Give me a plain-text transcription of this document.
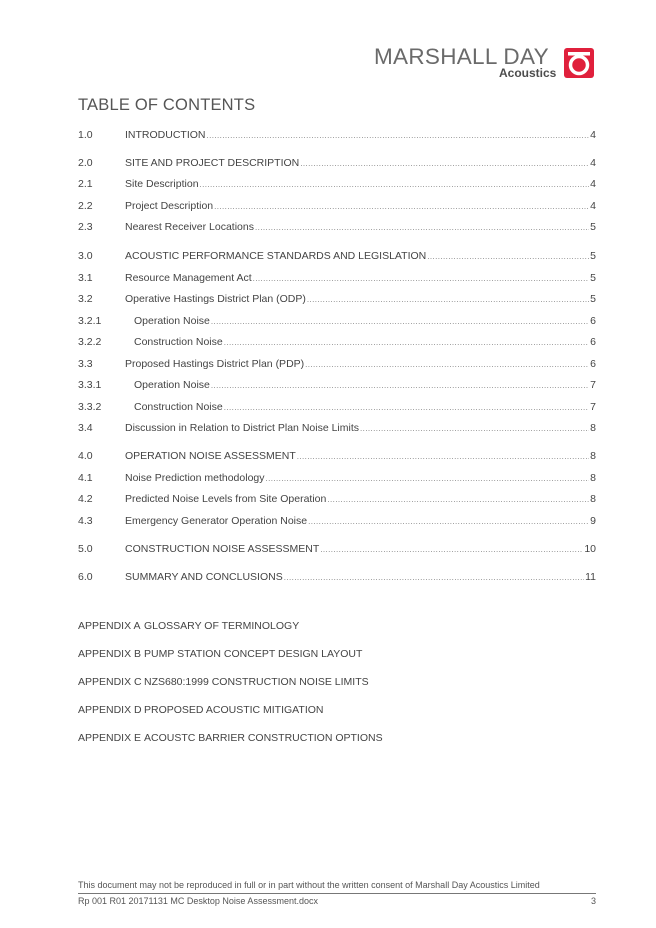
MARSHALL DAY
Acoustics
TABLE OF CONTENTS
1.0	INTRODUCTION .....	4
2.0	SITE AND PROJECT DESCRIPTION .....	4
2.1	Site Description .....	4
2.2	Project Description .....	4
2.3	Nearest Receiver Locations .....	5
3.0	ACOUSTIC PERFORMANCE STANDARDS AND LEGISLATION .....	5
3.1	Resource Management Act .....	5
3.2	Operative Hastings District Plan (ODP) .....	5
3.2.1	Operation Noise .....	6
3.2.2	Construction Noise .....	6
3.3	Proposed Hastings District Plan (PDP) .....	6
3.3.1	Operation Noise .....	7
3.3.2	Construction Noise .....	7
3.4	Discussion in Relation to District Plan Noise Limits .....	8
4.0	OPERATION NOISE ASSESSMENT .....	8
4.1	Noise Prediction methodology .....	8
4.2	Predicted Noise Levels from Site Operation .....	8
4.3	Emergency Generator Operation Noise .....	9
5.0	CONSTRUCTION NOISE ASSESSMENT .....	10
6.0	SUMMARY AND CONCLUSIONS .....	11
APPENDIX A GLOSSARY OF TERMINOLOGY
APPENDIX B PUMP STATION CONCEPT DESIGN LAYOUT
APPENDIX C NZS680:1999 CONSTRUCTION NOISE LIMITS
APPENDIX D PROPOSED ACOUSTIC MITIGATION
APPENDIX E ACOUSTC BARRIER CONSTRUCTION OPTIONS
This document may not be reproduced in full or in part without the written consent of Marshall Day Acoustics Limited
Rp 001 R01 20171131 MC Desktop Noise Assessment.docx	3
